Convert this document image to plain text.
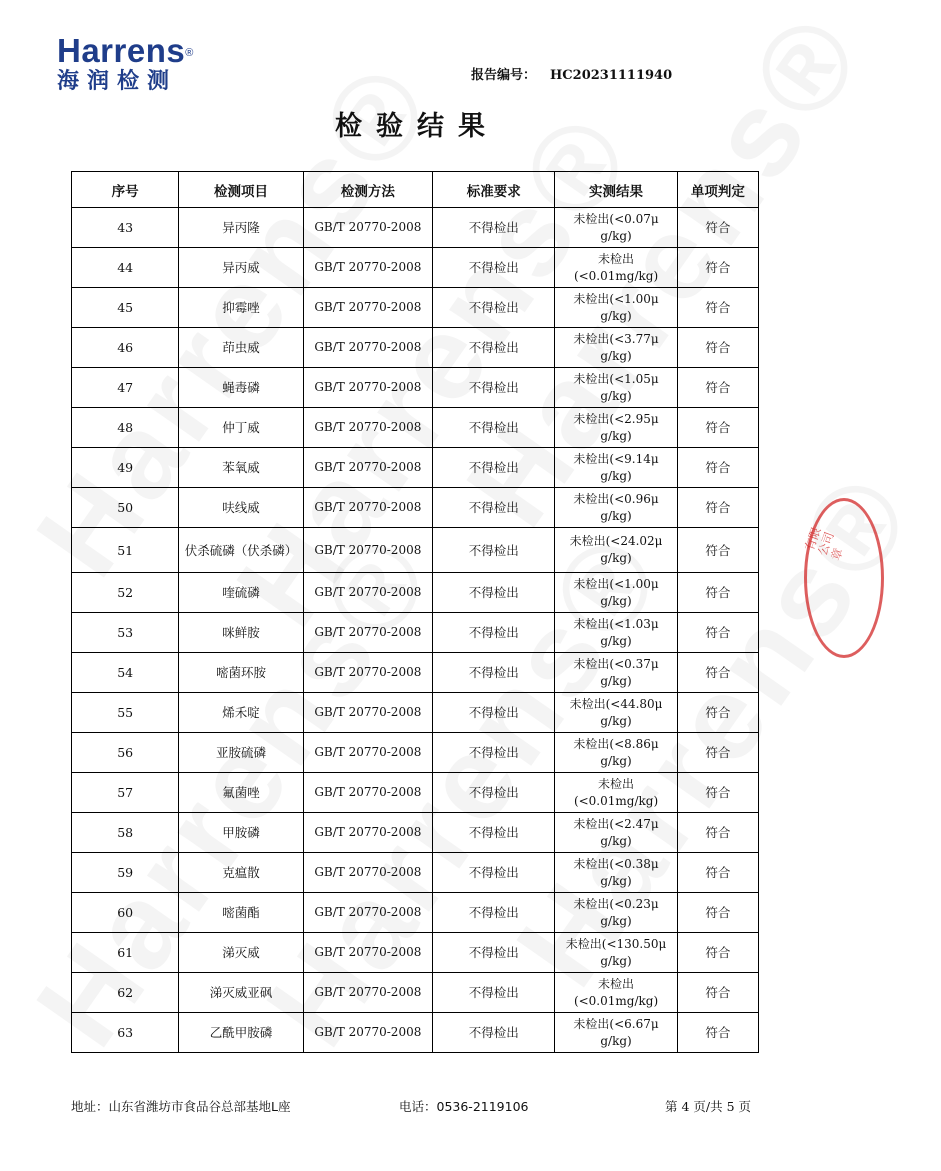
Harrens®
海润检测	报告编号： HC20231111940
检验结果
序号	检测项目	检测方法	标准要求	实测结果	单项判定
43	异丙隆	GB/T 20770-2008	不得检出	未检出(<0.07μ
g/kg)	符合
44	异丙威	GB/T 20770-2008	不得检出	未检出
(<0.01mg/kg)	符合
45	抑霉唑	GB/T 20770-2008	不得检出	未检出(<1.00μ
g/kg)	符合
46	茚虫威	GB/T 20770-2008	不得检出	未检出(<3.77μ
g/kg)	符合
47	蝇毒磷	GB/T 20770-2008	不得检出	未检出(<1.05μ
g/kg)	符合
48	仲丁威	GB/T 20770-2008	不得检出	未检出(<2.95μ
g/kg)	符合
49	苯氧威	GB/T 20770-2008	不得检出	未检出(<9.14μ
g/kg)	符合
50	呋线威	GB/T 20770-2008	不得检出	未检出(<0.96μ
g/kg)	符合
51	伏杀硫磷（伏杀磷）	GB/T 20770-2008	不得检出	未检出(<24.02μ
g/kg)	符合
52	喹硫磷	GB/T 20770-2008	不得检出	未检出(<1.00μ
g/kg)	符合
53	咪鲜胺	GB/T 20770-2008	不得检出	未检出(<1.03μ
g/kg)	符合
54	嘧菌环胺	GB/T 20770-2008	不得检出	未检出(<0.37μ
g/kg)	符合
55	烯禾啶	GB/T 20770-2008	不得检出	未检出(<44.80μ
g/kg)	符合
56	亚胺硫磷	GB/T 20770-2008	不得检出	未检出(<8.86μ
g/kg)	符合
57	氟菌唑	GB/T 20770-2008	不得检出	未检出
(<0.01mg/kg)	符合
58	甲胺磷	GB/T 20770-2008	不得检出	未检出(<2.47μ
g/kg)	符合
59	克瘟散	GB/T 20770-2008	不得检出	未检出(<0.38μ
g/kg)	符合
60	嘧菌酯	GB/T 20770-2008	不得检出	未检出(<0.23μ
g/kg)	符合
61	涕灭威	GB/T 20770-2008	不得检出	未检出(<130.50μ
g/kg)	符合
62	涕灭威亚砜	GB/T 20770-2008	不得检出	未检出
(<0.01mg/kg)	符合
63	乙酰甲胺磷	GB/T 20770-2008	不得检出	未检出(<6.67μ
g/kg)	符合
有限公司章
地址：山东省潍坊市食品谷总部基地L座	电话：0536-2119106	第 4 页/共 5 页
